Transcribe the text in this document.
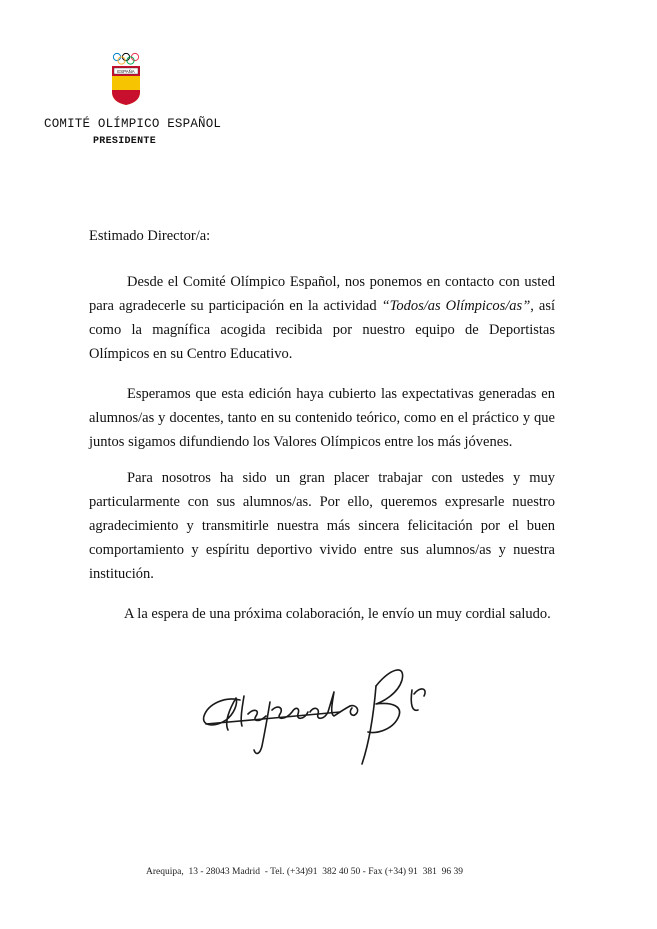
ESPAÑA
COMITÉ OLÍMPICO ESPAÑOL
PRESIDENTE
Estimado Director/a:

Desde el Comité Olímpico Español, nos ponemos en contacto con usted para agradecerle su participación en la actividad “Todos/as Olímpicos/as”, así como la magnífica acogida recibida por nuestro equipo de Deportistas Olímpicos en su Centro Educativo.

Esperamos que esta edición haya cubierto las expectativas generadas en alumnos/as y docentes, tanto en su contenido teórico, como en el práctico y que juntos sigamos difundiendo los Valores Olímpicos entre los más jóvenes.

Para nosotros ha sido un gran placer trabajar con ustedes y muy particularmente con sus alumnos/as. Por ello, queremos expresarle nuestro agradecimiento y transmitirle nuestra más sincera felicitación por el buen comportamiento y espíritu deportivo vivido entre sus alumnos/as y nuestra institución.

A la espera de una próxima colaboración, le envío un muy cordial saludo.
Arequipa,  13 - 28043 Madrid  - Tel. (+34)91  382 40 50 - Fax (+34) 91  381  96 39
